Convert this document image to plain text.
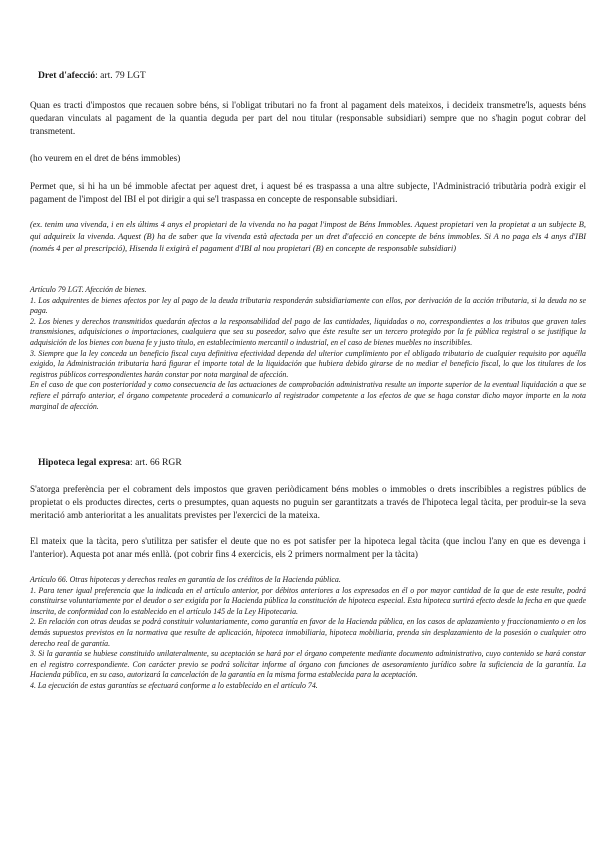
Dret d'afecció: art. 79 LGT

Quan es tracti d'impostos que recauen sobre béns, si l'obligat tributari no fa front al pagament dels mateixos, i decideix transmetre'ls, aquests béns quedaran vinculats al pagament de la quantia deguda per part del nou titular (responsable subsidiari) sempre que no s'hagin pogut cobrar del transmetent.

(ho veurem en el dret de béns immobles)

Permet que, si hi ha un bé immoble afectat per aquest dret, i aquest bé es traspassa a una altre subjecte, l'Administració tributària podrà exigir el pagament de l'impost del IBI el pot dirigir a qui se'l traspassa en concepte de responsable subsidiari.

(ex. tenim una vivenda, i en els últims 4 anys el propietari de la vivenda no ha pagat l'impost de Béns Immobles. Aquest propietari ven la propietat a un subjecte B, qui adquireix la vivenda. Aquest (B) ha de saber que la vivenda està afectada per un dret d'afecció en concepte de béns immobles. Si A no paga els 4 anys d'IBI (només 4 per al prescripció), Hisenda li exigirà el pagament d'IBI al nou propietari (B) en concepte de responsable subsidiari)

Artículo 79 LGT. Afección de bienes.

1. Los adquirentes de bienes afectos por ley al pago de la deuda tributaria responderán subsidiariamente con ellos, por derivación de la acción tributaria, si la deuda no se paga.

2. Los bienes y derechos transmitidos quedarán afectos a la responsabilidad del pago de las cantidades, liquidadas o no, correspondientes a los tributos que graven tales transmisiones, adquisiciones o importaciones, cualquiera que sea su poseedor, salvo que éste resulte ser un tercero protegido por la fe pública registral o se justifique la adquisición de los bienes con buena fe y justo título, en establecimiento mercantil o industrial, en el caso de bienes muebles no inscribibles.

3. Siempre que la ley conceda un beneficio fiscal cuya definitiva efectividad dependa del ulterior cumplimiento por el obligado tributario de cualquier requisito por aquélla exigido, la Administración tributaria hará figurar el importe total de la liquidación que hubiera debido girarse de no mediar el beneficio fiscal, lo que los titulares de los registros públicos correspondientes harán constar por nota marginal de afección.

En el caso de que con posterioridad y como consecuencia de las actuaciones de comprobación administrativa resulte un importe superior de la eventual liquidación a que se refiere el párrafo anterior, el órgano competente procederá a comunicarlo al registrador competente a los efectos de que se haga constar dicho mayor importe en la nota marginal de afección.

Hipoteca legal expresa: art. 66 RGR

S'atorga preferència per el cobrament dels impostos que graven periòdicament béns mobles o immobles o drets inscribibles a registres públics de propietat o els productes directes, certs o presumptes, quan aquests no puguin ser garantitzats a través de l'hipoteca legal tàcita, per produir-se la seva meritació amb anterioritat a les anualitats previstes per l'exercici de la mateixa.

El mateix que la tàcita, pero s'utilitza per satisfer el deute que no es pot satisfer per la hipoteca legal tàcita (que inclou l'any en que es devenga i l'anterior). Aquesta pot anar més enllà. (pot cobrir fins 4 exercicis, els 2 primers normalment per la tàcita)

Artículo 66. Otras hipotecas y derechos reales en garantía de los créditos de la Hacienda pública.

1. Para tener igual preferencia que la indicada en el artículo anterior, por débitos anteriores a los expresados en él o por mayor cantidad de la que de este resulte, podrá constituirse voluntariamente por el deudor o ser exigida por la Hacienda pública la constitución de hipoteca especial. Esta hipoteca surtirá efecto desde la fecha en que quede inscrita, de conformidad con lo establecido en el artículo 145 de la Ley Hipotecaria.

2. En relación con otras deudas se podrá constituir voluntariamente, como garantía en favor de la Hacienda pública, en los casos de aplazamiento y fraccionamiento o en los demás supuestos previstos en la normativa que resulte de aplicación, hipoteca inmobiliaria, hipoteca mobiliaria, prenda sin desplazamiento de la posesión o cualquier otro derecho real de garantía.

3. Si la garantía se hubiese constituido unilateralmente, su aceptación se hará por el órgano competente mediante documento administrativo, cuyo contenido se hará constar en el registro correspondiente. Con carácter previo se podrá solicitar informe al órgano con funciones de asesoramiento jurídico sobre la suficiencia de la garantía. La Hacienda pública, en su caso, autorizará la cancelación de la garantía en la misma forma establecida para la aceptación.

4. La ejecución de estas garantías se efectuará conforme a lo establecido en el artículo 74.
